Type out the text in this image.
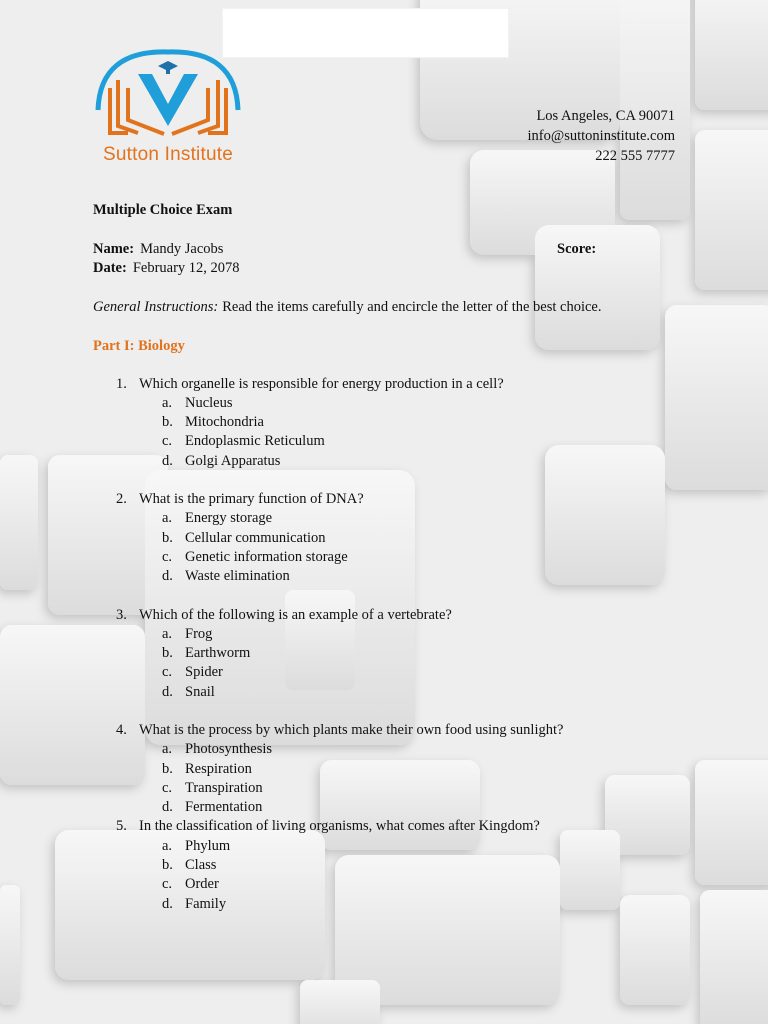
Sutton Institute
Los Angeles, CA 90071
info@suttoninstitute.com
222 555 7777
Multiple Choice Exam
Name: Mandy Jacobs
Date: February 12, 2078
Score:
General Instructions: Read the items carefully and encircle the letter of the best choice.
Part I: Biology
1. Which organelle is responsible for energy production in a cell?
a. Nucleus
b. Mitochondria
c. Endoplasmic Reticulum
d. Golgi Apparatus
2. What is the primary function of DNA?
a. Energy storage
b. Cellular communication
c. Genetic information storage
d. Waste elimination
3. Which of the following is an example of a vertebrate?
a. Frog
b. Earthworm
c. Spider
d. Snail
4. What is the process by which plants make their own food using sunlight?
a. Photosynthesis
b. Respiration
c. Transpiration
d. Fermentation
5. In the classification of living organisms, what comes after Kingdom?
a. Phylum
b. Class
c. Order
d. Family
